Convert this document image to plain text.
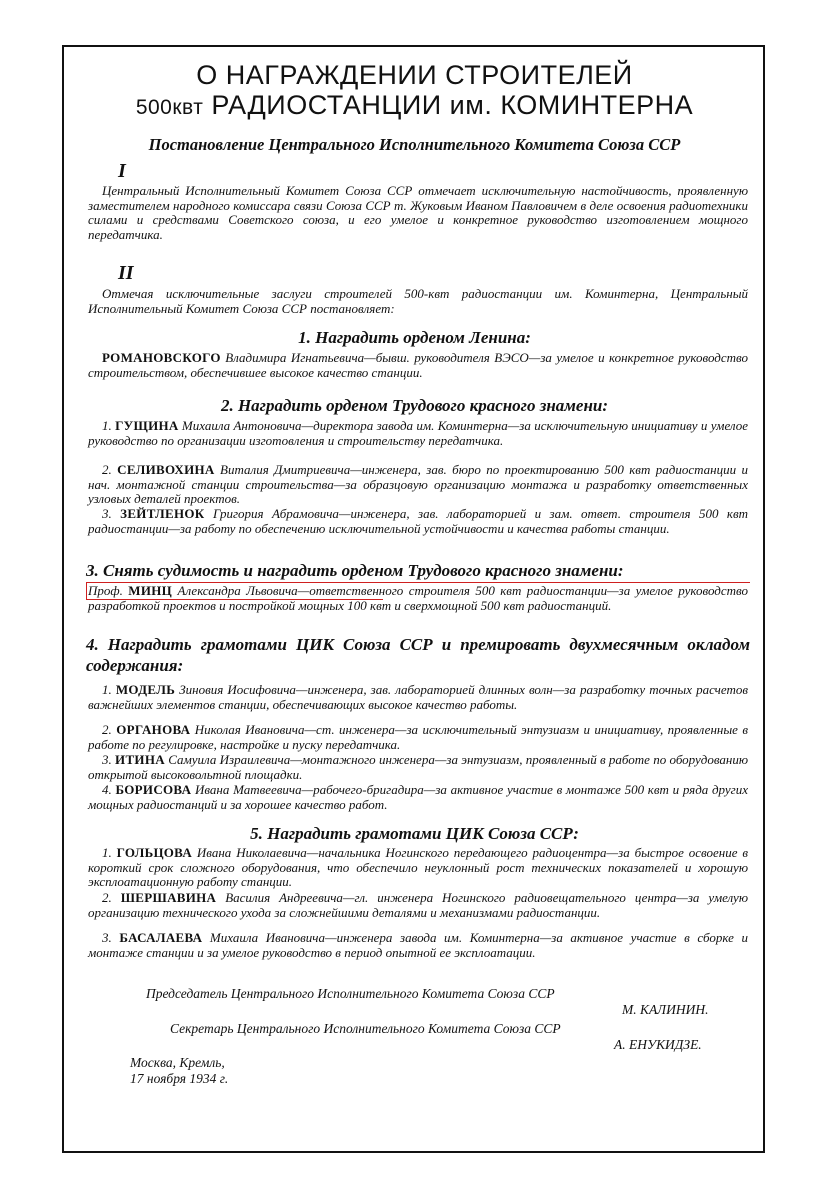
О НАГРАЖДЕНИИ СТРОИТЕЛЕЙ
500квт РАДИОСТАНЦИИ им. КОМИНТЕРНА
Постановление Центрального Исполнительного Комитета Союза ССР
I
Центральный Исполнительный Комитет Союза ССР отмечает исключительную настойчивость, проявленную заместителем народного комиссара связи Союза ССР т. Жуковым Иваном Павловичем в деле освоения радиотехники силами и средствами Советского союза, и его умелое и конкретное руководство изготовлением мощного передатчика.
II
Отмечая исключительные заслуги строителей 500-квт радиостанции им. Коминтерна, Центральный Исполнительный Комитет Союза ССР постановляет:
1. Наградить орденом Ленина:
РОМАНОВСКОГО Владимира Игнатьевича—бывш. руководителя ВЭСО—за умелое и конкретное руководство строительством, обеспечившее высокое качество станции.
2. Наградить орденом Трудового красного знамени:
1. ГУЩИНА Михаила Антоновича—директора завода им. Коминтерна—за исключительную инициативу и умелое руководство по организации изготовления и строительству передатчика.
2. СЕЛИВОХИНА Виталия Дмитриевича—инженера, зав. бюро по проектированию 500 квт радиостанции и нач. монтажной станции строительства—за образцовую организацию монтажа и разработку ответственных узловых деталей проектов.
3. ЗЕЙТЛЕНОК Григория Абрамовича—инженера, зав. лабораторией и зам. ответ. строителя 500 квт радиостанции—за работу по обеспечению исключительной устойчивости и качества работы станции.
3. Снять судимость и наградить орденом Трудового красного знамени:
Проф. МИНЦ Александра Львовича—ответственного строителя 500 квт радиостанции—за умелое руководство разработкой проектов и постройкой мощных 100 квт и сверхмощной 500 квт радиостанций.
4. Наградить грамотами ЦИК Союза ССР и премировать двухмесячным окладом содержания:
1. МОДЕЛЬ Зиновия Иосифовича—инженера, зав. лабораторией длинных волн—за разработку точных расчетов важнейших элементов станции, обеспечивающих высокое качество работы.
2. ОРГАНОВА Николая Ивановича—ст. инженера—за исключительный энтузиазм и инициативу, проявленные в работе по регулировке, настройке и пуску передатчика.
3. ИТИНА Самуила Израилевича—монтажного инженера—за энтузиазм, проявленный в работе по оборудованию открытой высоковольтной площадки.
4. БОРИСОВА Ивана Матвеевича—рабочего-бригадира—за активное участие в монтаже 500 квт и ряда других мощных радиостанций и за хорошее качество работ.
5. Наградить грамотами ЦИК Союза ССР:
1. ГОЛЬЦОВА Ивана Николаевича—начальника Ногинского передающего радиоцентра—за быстрое освоение в короткий срок сложного оборудования, что обеспечило неуклонный рост технических показателей и хорошую эксплоатационную работу станции.
2. ШЕРШАВИНА Василия Андреевича—гл. инженера Ногинского радиовещательного центра—за умелую организацию технического ухода за сложнейшими деталями и механизмами радиостанции.
3. БАСАЛАЕВА Михаила Ивановича—инженера завода им. Коминтерна—за активное участие в сборке и монтаже станции и за умелое руководство в период опытной ее эксплоатации.
Председатель Центрального Исполнительного Комитета Союза ССР
М. КАЛИНИН.
Секретарь Центрального Исполнительного Комитета Союза ССР
А. ЕНУКИДЗЕ.
Москва, Кремль,
17 ноября 1934 г.
